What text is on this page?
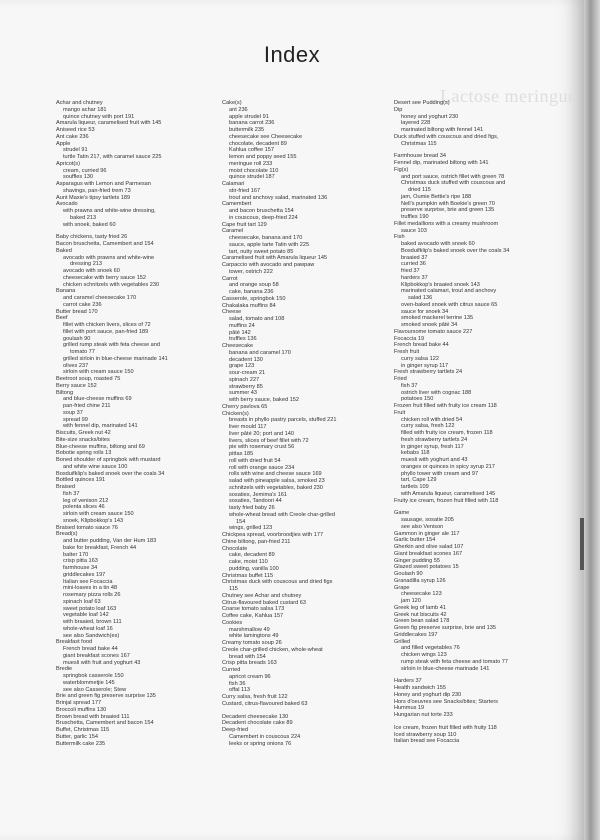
Lactose meringue
Index
Achar and chutney
mango achar 181
quince chutney with port 191
Amarula liqueur, caramelised fruit with 145
Aniseed rice 53
Ant cake 236
Apple
strudel 91
turtle Tatin 217, with caramel sauce 225
Apricot(s)
cream, curried 96
souffles 130
Asparagus with Lemon and Parmesan
shavings, pan-fried trem 73
Aunt Maxie's tipsy tartlets 189
Avocado
with prawns and white-wine dressing,
baked 213
with snoek, baked 60
Baby chickens, tasty fried 26
Bacon bruschetta, Camembert and 154
Baked
avocado with prawns and white-wine
dressing 213
avocado with snoek 60
cheesecake with berry sauce 152
chicken schnitzels with vegetables 230
Banana
and caramel cheesecake 170
carrot cake 236
Butter bread 170
Beef
fillet with chicken livers, slices of 72
fillet with port sauce, pan-fried 189
goulash 90
grilled rump steak with feta cheese and
tomato 77
grilled sirloin in blue-cheese marinade 141
olives 237
sirloin with cream sauce 150
Beetroot soup, roasted 75
Berry sauce 152
Biltong
and blue-cheese muffins 69
pan-fried chine 211
soup 37
spread 99
with fennel dip, marinated 141
Biscuits, Greek nut 42
Bite-size snacks/bites
Blue-cheese muffins, biltong and 69
Bobotie spring rolls 13
Boned shoulder of springbok with mustard
and white wine sauce 100
Bosduifklip's baked snoek over the coals 34
Bottled quinces 191
Braised
fish 37
leg of venison 212
polenta slices 46
sirloin with cream sauce 150
snoek, Klipbokkop's 143
Braised tomato sauce 76
Bread(s)
and butter pudding, Van der Hum 183
bake for breakfast, French 44
batter 170
crisp pitta 163
farmhouse 34
griddlecakes 197
Italian see Focaccia
mini-loaves in a tin 48
rosemary pizza rolls 26
spinach loaf 63
sweet potato loaf 163
vegetable loaf 142
with braaied, brown 111
whole-wheat loaf 16
see also Sandwich(es)
Breakfast food
French bread bake 44
giant breakfast scones 167
muesli with fruit and yoghurt 43
Bredie
springbok casserole 150
waterblommetjie 145
see also Casserole; Stew
Brie and green fig preserve surprise 135
Brinjal spread 177
Broccoli muffins 130
Brown bread with braaied 111
Bruschetta, Camembert and bacon 154
Buffet, Christmas 115
Butter, garlic 154
Buttermilk cake 235
Cake(s)
ant 236
apple strudel 91
banana carrot 236
buttermilk 235
cheesecake see Cheesecake
chocolate, decadent 89
Kahlua coffee 157
lemon and poppy seed 155
meringue roll 233
moist chocolate 110
quince strudel 187
Calamari
stir-fried 167
trout and anchovy salad, marinated 136
Camembert
and bacon bruschetta 154
in couscous, deep-fried 224
Cape fruit tart 129
Caramel
cheesecake, banana and 170
sauce, apple tarte Tatin with 225
tart, nutty sweet potato 85
Caramelised fruit with Amarula liqueur 145
Carpaccio with avocado and pawpaw
tower, ostrich 222
Carrot
and orange soup 58
cake, banana 236
Casserole, springbok 150
Chakalaka muffins 84
Cheese
salad, tomato and 108
muffins 24
pâté 142
truffles 136
Cheesecake
banana and caramel 170
decadent 130
grape 123
sour-cream 21
spinach 227
strawberry 85
summer 43
with berry sauce, baked 152
Cherry pavlova 65
Chicken(s)
breasts in phyllo pastry parcels, stuffed 221
liver mould 117
liver pâté 20; port and 140
livers, slices of beef fillet with 72
pie with rosemary crust 56
pittas 185
roll with dried fruit 54
roll with orange sauce 234
rolls with wine and cheese sauce 169
salad with pineapple salsa, smoked 23
schnitzels with vegetables, baked 230
sosaties, Jemima's 161
sosaties, Tandoori 44
tasty fried baby 26
whole-wheat bread with Creole char-grilled
154
wings, grilled 123
Chickpea spread, voorbroodjies with 177
Chine biltong, pan-fried 211
Chocolate
cake, decadent 89
cake, moist 110
pudding, vanilla 100
Christmas buffet 115
Christmas duck with couscous and dried figs
115
Chutney see Achar and chutney
Citrus-flavoured baked custard 63
Coarse tomato salsa 173
Coffee cake, Kahlua 157
Cookies
marshmallow 49
white lamingtons 49
Creamy tomato soup 26
Creole char-grilled chicken, whole-wheat
bread with 154
Crisp pitta breads 163
Curried
apricot cream 96
fish 36
offal 113
Curry salsa, fresh fruit 122
Custard, citrus-flavoured baked 63
Decadent cheesecake 130
Decadent chocolate cake 89
Deep-fried
Camembert in couscous 224
leeks or spring onions 76
Desert see Pudding(s)
Dip
honey and yoghurt 230
layered 228
marinated biltong with fennel 141
Duck stuffed with couscous and dried figs,
Christmas 115
Farmhouse bread 34
Fennel dip, marinated biltong with 141
Fig(s)
and port sauce, ostrich fillet with green 78
Christmas duck stuffed with couscous and
dried 115
jam, Oumie Bettie's ripe 188
Nell's pumpkin with Boekie's green 70
preserve surprise, brie and green 135
truffles 190
Fillet medallions with a creamy mushroom
sauce 103
Fish
baked avocado with snoek 60
Bosduifklip's baked snoek over the coals 34
braaied 37
curried 36
fried 37
harders 37
Klipbokkop's braaied snoek 143
marinated calamari, trout and anchovy
salad 136
oven-baked snoek with citrus sauce 65
sauce for snoek 34
smoked mackerel terrine 135
smoked snoek pâté 34
Flavoursome tomato sauce 227
Focaccia 19
French bread bake 44
Fresh fruit
curry salsa 122
in ginger syrup 117
Fresh strawberry tartlets 24
Fried
fish 37
ostrich liver with cognac 188
potatoes 150
Frozen fruit filled with fruity ice cream 118
Fruit
chicken roll with dried 54
curry salsa, fresh 122
filled with fruity ice cream, frozen 118
fresh strawberry tartlets 24
in ginger syrup, fresh 117
kebabs 118
muesli with yoghurt and 43
oranges or quinces in spicy syrup 217
phyllo tower with cream and 97
tart, Cape 129
tartlets 109
with Amarula liqueur, caramelised 145
Fruity ice cream, frozen fruit filled with 118
Game
sausage, sosatie 205
see also Venison
Gammon in ginger ale 117
Garlic butter 154
Gherkin and olive salad 107
Giant breakfast scones 167
Ginger pudding 55
Glazed sweet potatoes 15
Goulash 90
Granadilla syrup 126
Grape
cheesecake 123
jam 120
Greek leg of lamb 41
Greek nut biscuits 42
Green bean salad 178
Green fig preserve surprise, brie and 135
Griddlecakes 197
Grilled
and filled vegetables 76
chicken wings 123
rump steak with feta cheese and tomato 77
sirloin in blue-cheese marinade 141
Harders 37
Health sandwich 155
Honey and yoghurt dip 230
Hors d'oeuvres see Snacks/bites; Starters
Hummus 19
Hungarian nut torte 233
Ice cream, frozen fruit filled with fruity 118
Iced strawberry soup 110
Italian bread see Focaccia
